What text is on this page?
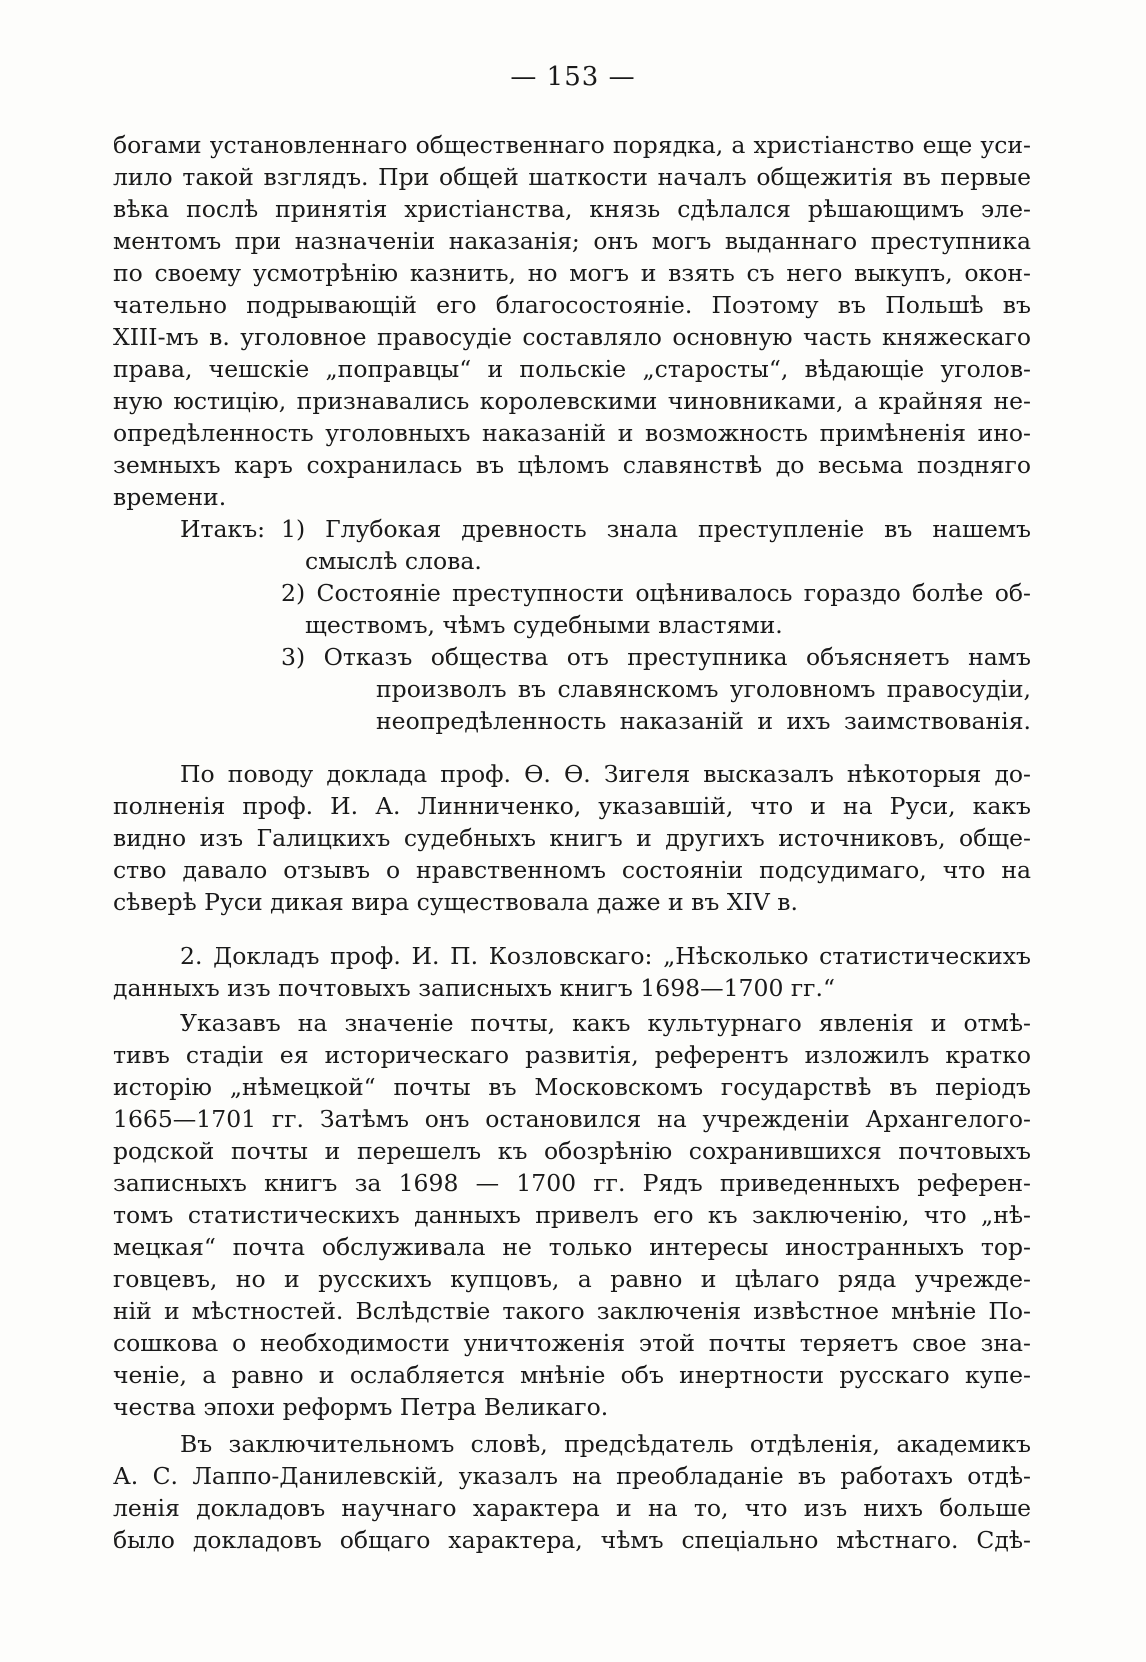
— 153 —
богами установленнаго общественнаго порядка, а христіанство еще уси-
лило такой взглядъ. При общей шаткости началъ общежитія въ первые
вѣка послѣ принятія христіанства, князь сдѣлался рѣшающимъ эле-
ментомъ при назначеніи наказанія; онъ могъ выданнаго преступника
по своему усмотрѣнію казнить, но могъ и взять съ него выкупъ, окон-
чательно подрывающій его благосостояніе. Поэтому въ Польшѣ въ
XIII-мъ в. уголовное правосудіе составляло основную часть княжескаго
права, чешскіе „поправцы“ и польскіе „старосты“, вѣдающіе уголов-
ную юстицію, признавались королевскими чиновниками, а крайняя не-
опредѣленность уголовныхъ наказаній и возможность примѣненія ино-
земныхъ каръ сохранилась въ цѣломъ славянствѣ до весьма поздняго
времени.
Итакъ: 1) Глубокая древность знала преступленіе въ нашемъ
смыслѣ слова.
2) Состояніе преступности оцѣнивалось гораздо болѣе об-
ществомъ, чѣмъ судебными властями.
3) Отказъ общества отъ преступника объясняетъ намъ
произволъ въ славянскомъ уголовномъ правосудіи,
неопредѣленность наказаній и ихъ заимствованія.
По поводу доклада проф. Ѳ. Ѳ. Зигеля высказалъ нѣкоторыя до-
полненія проф. И. А. Линниченко, указавшій, что и на Руси, какъ
видно изъ Галицкихъ судебныхъ книгъ и другихъ источниковъ, обще-
ство давало отзывъ о нравственномъ состояніи подсудимаго, что на
сѣверѣ Руси дикая вира существовала даже и въ XIV в.
2. Докладъ проф. И. П. Козловскаго: „Нѣсколько статистическихъ
данныхъ изъ почтовыхъ записныхъ книгъ 1698—1700 гг.“
Указавъ на значеніе почты, какъ культурнаго явленія и отмѣ-
тивъ стадіи ея историческаго развитія, референтъ изложилъ кратко
исторію „нѣмецкой“ почты въ Московскомъ государствѣ въ періодъ
1665—1701 гг. Затѣмъ онъ остановился на учрежденіи Архангелого-
родской почты и перешелъ къ обозрѣнію сохранившихся почтовыхъ
записныхъ книгъ за 1698 — 1700 гг. Рядъ приведенныхъ референ-
томъ статистическихъ данныхъ привелъ его къ заключенію, что „нѣ-
мецкая“ почта обслуживала не только интересы иностранныхъ тор-
говцевъ, но и русскихъ купцовъ, а равно и цѣлаго ряда учрежде-
ній и мѣстностей. Вслѣдствіе такого заключенія извѣстное мнѣніе По-
сошкова о необходимости уничтоженія этой почты теряетъ свое зна-
ченіе, а равно и ослабляется мнѣніе объ инертности русскаго купе-
чества эпохи реформъ Петра Великаго.
Въ заключительномъ словѣ, предсѣдатель отдѣленія, академикъ
А. С. Лаппо-Данилевскій, указалъ на преобладаніе въ работахъ отдѣ-
ленія докладовъ научнаго характера и на то, что изъ нихъ больше
было докладовъ общаго характера, чѣмъ спеціально мѣстнаго. Сдѣ-
